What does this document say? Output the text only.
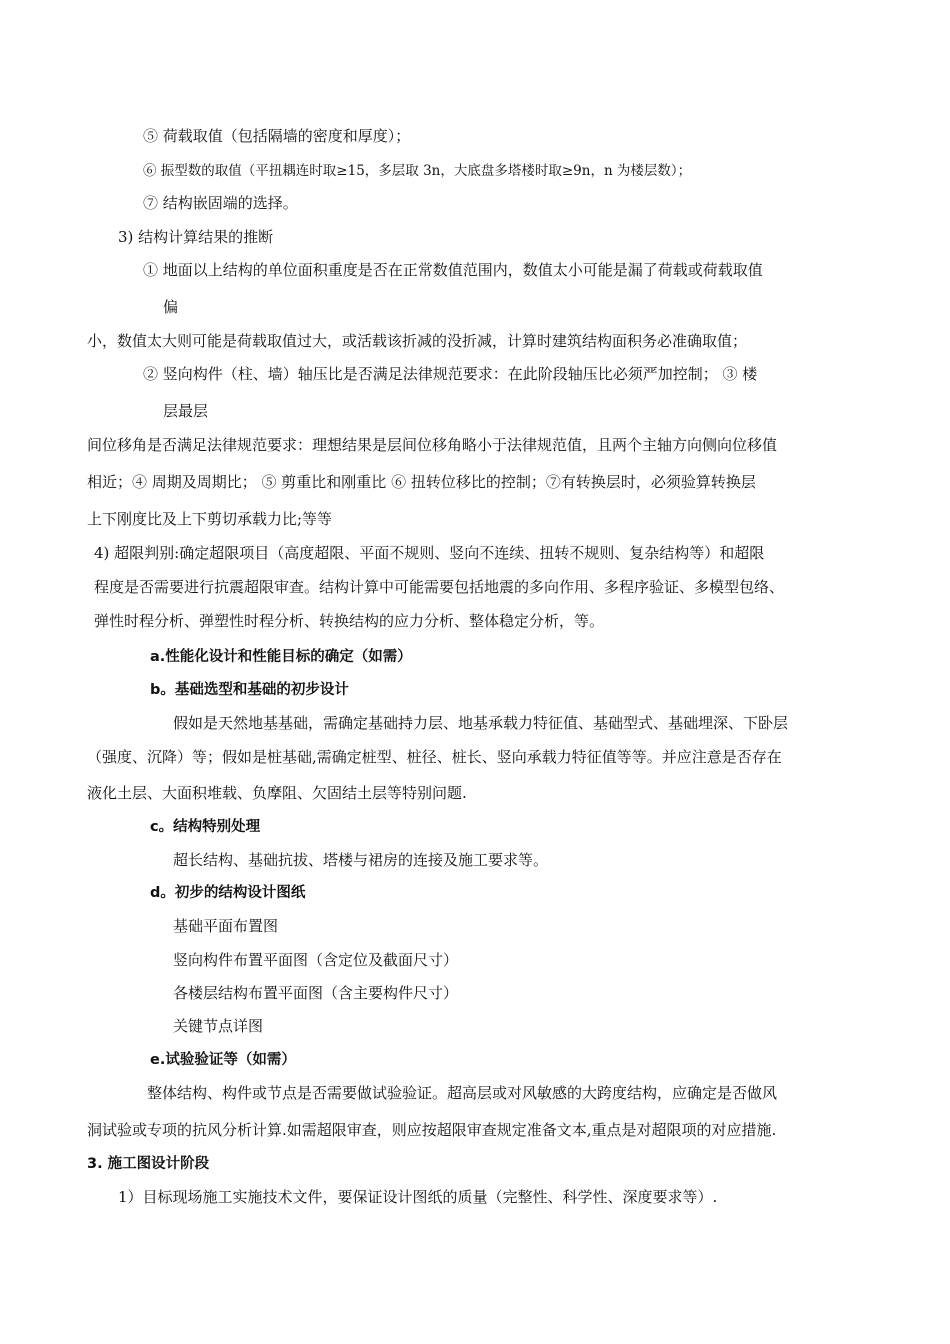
⑤ 荷载取值（包括隔墙的密度和厚度）；
⑥ 振型数的取值（平扭耦连时取≥15，多层取 3n，大底盘多塔楼时取≥9n，n 为楼层数）；
⑦ 结构嵌固端的选择。
3) 结构计算结果的推断
① 地面以上结构的单位面积重度是否在正常数值范围内，数值太小可能是漏了荷载或荷载取值
偏
小，数值太大则可能是荷载取值过大，或活载该折减的没折减，计算时建筑结构面积务必准确取值；
② 竖向构件（柱、墙）轴压比是否满足法律规范要求：在此阶段轴压比必须严加控制； ③ 楼
层最层
间位移角是否满足法律规范要求：理想结果是层间位移角略小于法律规范值，且两个主轴方向侧向位移值
相近；④ 周期及周期比； ⑤ 剪重比和刚重比 ⑥ 扭转位移比的控制；⑦有转换层时，必须验算转换层
上下刚度比及上下剪切承载力比;等等
4) 超限判别:确定超限项目（高度超限、平面不规则、竖向不连续、扭转不规则、复杂结构等）和超限
程度是否需要进行抗震超限审查。结构计算中可能需要包括地震的多向作用、多程序验证、多模型包络、
弹性时程分析、弹塑性时程分析、转换结构的应力分析、整体稳定分析，等。
a.性能化设计和性能目标的确定（如需）
b。基础选型和基础的初步设计
假如是天然地基基础，需确定基础持力层、地基承载力特征值、基础型式、基础埋深、下卧层
（强度、沉降）等；假如是桩基础,需确定桩型、桩径、桩长、竖向承载力特征值等等。并应注意是否存在
液化土层、大面积堆载、负摩阻、欠固结土层等特别问题.
c。结构特别处理
超长结构、基础抗拔、塔楼与裙房的连接及施工要求等。
d。初步的结构设计图纸
基础平面布置图
竖向构件布置平面图（含定位及截面尺寸）
各楼层结构布置平面图（含主要构件尺寸）
关键节点详图
e.试验验证等（如需）
整体结构、构件或节点是否需要做试验验证。超高层或对风敏感的大跨度结构，应确定是否做风
洞试验或专项的抗风分析计算.如需超限审查，则应按超限审查规定准备文本,重点是对超限项的对应措施.
3. 施工图设计阶段
1）目标现场施工实施技术文件，要保证设计图纸的质量（完整性、科学性、深度要求等）.
